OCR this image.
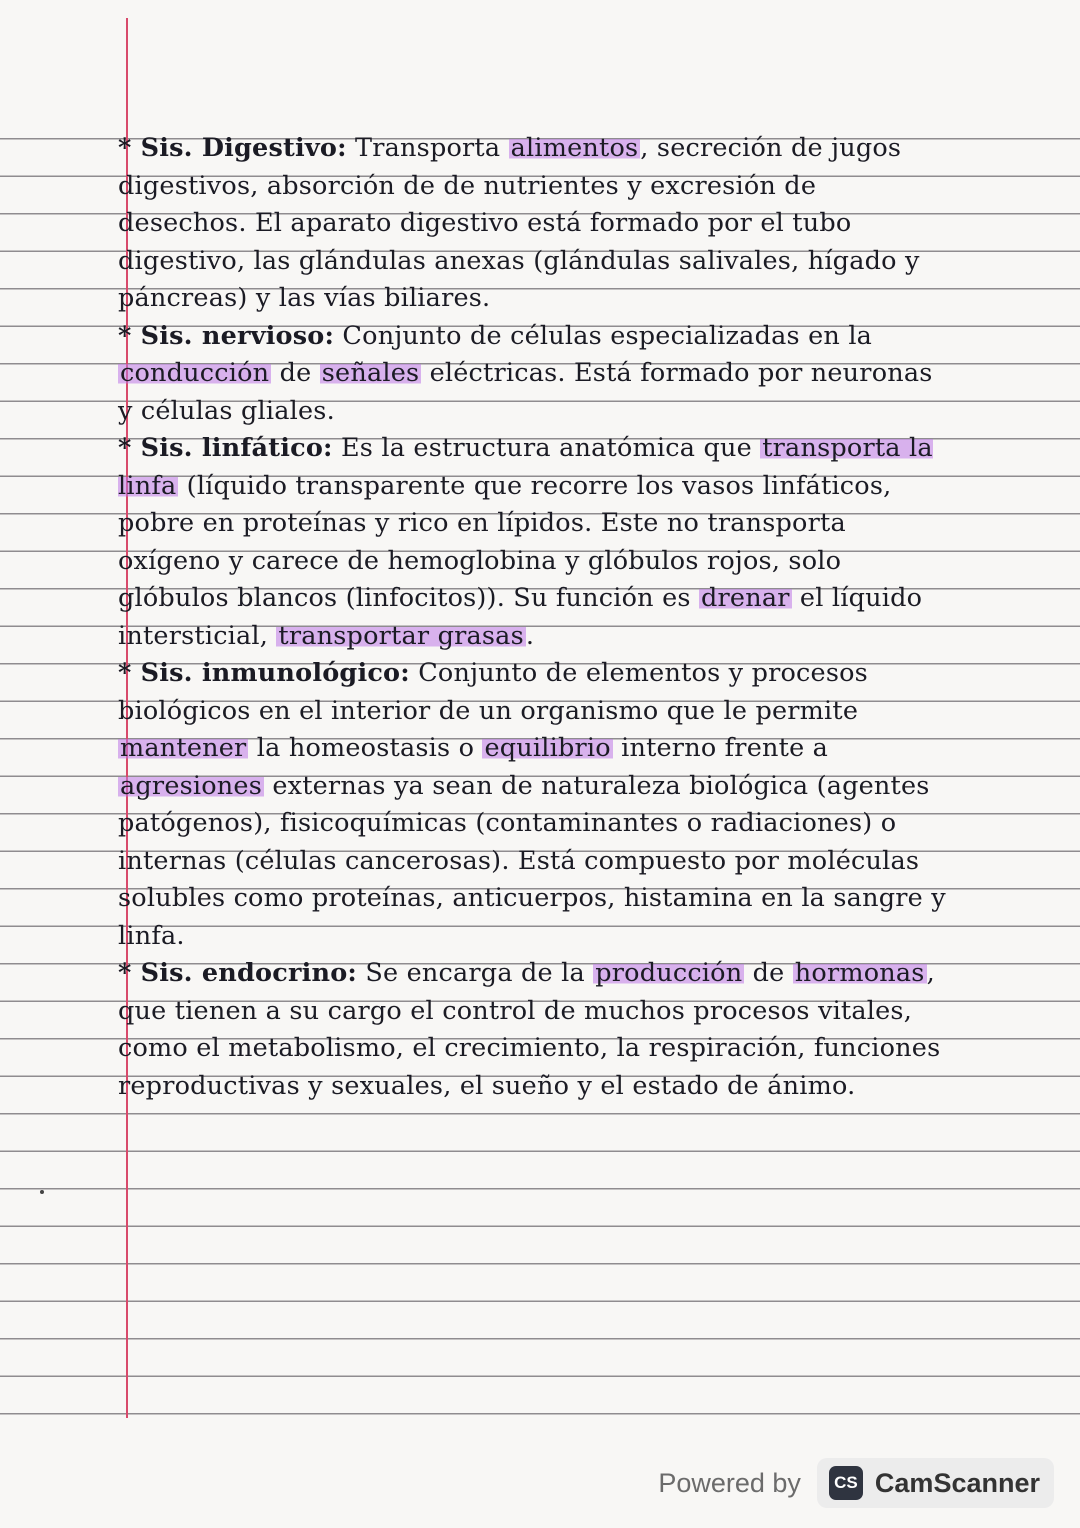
* Sis. Digestivo: Transporta alimentos, secreción de jugos digestivos, absorción de de nutrientes y excresión de desechos. El aparato digestivo está formado por el tubo digestivo, las glándulas anexas (glándulas salivales, hígado y páncreas) y las vías biliares.

* Sis. nervioso: Conjunto de células especializadas en la conducción de señales eléctricas. Está formado por neuronas y células gliales.

* Sis. linfático: Es la estructura anatómica que transporta la linfa (líquido transparente que recorre los vasos linfáticos, pobre en proteínas y rico en lípidos. Este no transporta oxígeno y carece de hemoglobina y glóbulos rojos, solo glóbulos blancos (linfocitos)). Su función es drenar el líquido intersticial, transportar grasas.

* Sis. inmunológico: Conjunto de elementos y procesos biológicos en el interior de un organismo que le permite mantener la homeostasis o equilibrio interno frente a agresiones externas ya sean de naturaleza biológica (agentes patógenos), fisicoquímicas (contaminantes o radiaciones) o internas (células cancerosas). Está compuesto por moléculas solubles como proteínas, anticuerpos, histamina en la sangre y linfa.

* Sis. endocrino: Se encarga de la producción de hormonas, que tienen a su cargo el control de muchos procesos vitales, como el metabolismo, el crecimiento, la respiración, funciones reproductivas y sexuales, el sueño y el estado de ánimo.

Powered by	CS CamScanner
